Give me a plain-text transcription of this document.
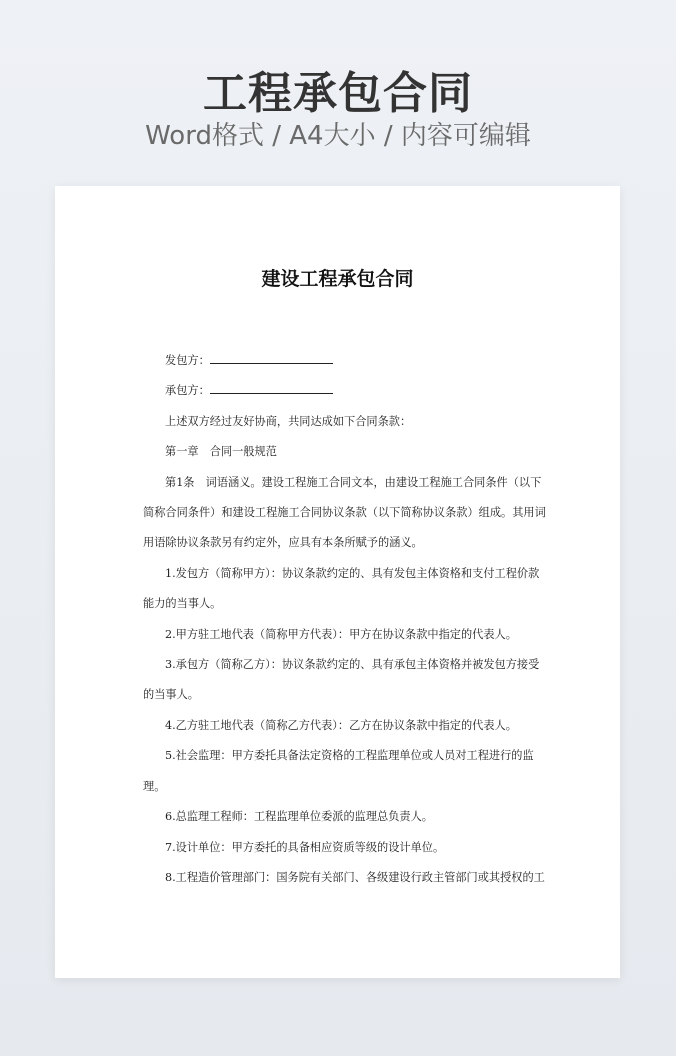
工程承包合同
Word格式 / A4大小 / 内容可编辑
建设工程承包合同

发包方：

承包方：

上述双方经过友好协商，共同达成如下合同条款：

第一章　合同一般规范

第1条　词语涵义。建设工程施工合同文本，由建设工程施工合同条件（以下

简称合同条件）和建设工程施工合同协议条款（以下简称协议条款）组成。其用词

用语除协议条款另有约定外，应具有本条所赋予的涵义。

1.发包方（简称甲方）：协议条款约定的、具有发包主体资格和支付工程价款

能力的当事人。

2.甲方驻工地代表（简称甲方代表）：甲方在协议条款中指定的代表人。

3.承包方（简称乙方）：协议条款约定的、具有承包主体资格并被发包方接受

的当事人。

4.乙方驻工地代表（简称乙方代表）：乙方在协议条款中指定的代表人。

5.社会监理：甲方委托具备法定资格的工程监理单位或人员对工程进行的监

理。

6.总监理工程师：工程监理单位委派的监理总负责人。

7.设计单位：甲方委托的具备相应资质等级的设计单位。

8.工程造价管理部门：国务院有关部门、各级建设行政主管部门或其授权的工
